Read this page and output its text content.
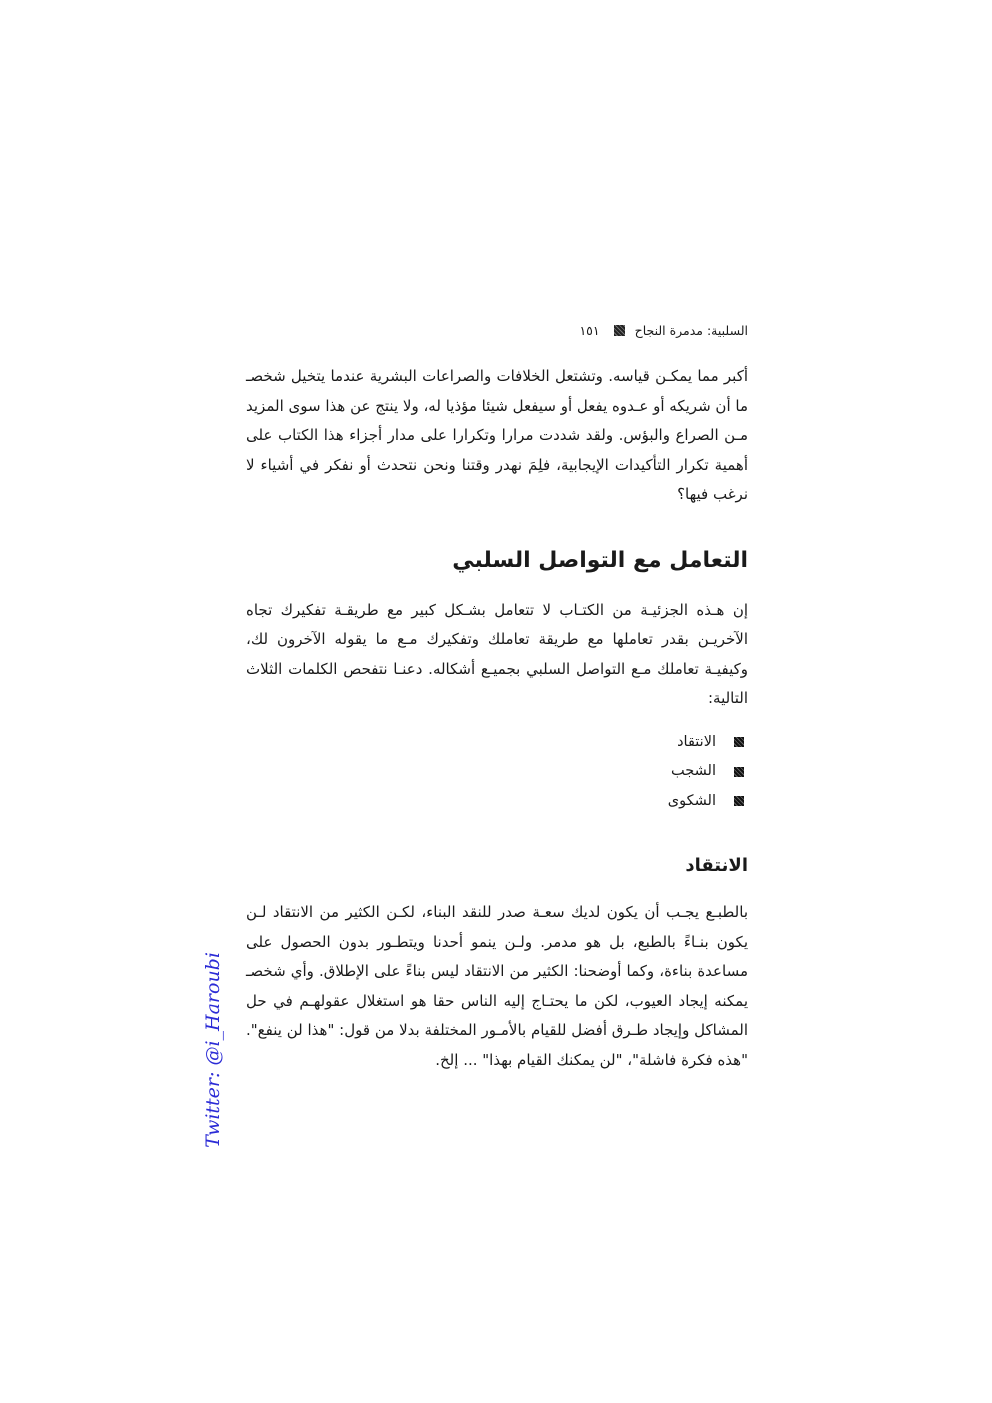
السلبية: مدمرة النجاح
١٥١

أكبر مما يمكـن قياسه. وتشتعل الخلافات والصراعات البشرية عندما يتخيل شخصـ ما أن شريكه أو عـدوه يفعل أو سيفعل شيئا مؤذيا له، ولا ينتج عن هذا سوى المزيد مـن الصراع والبؤس. ولقد شددت مرارا وتكرارا على مدار أجزاء هذا الكتاب على أهمية تكرار التأكيدات الإيجابية، فلِمَ نهدر وقتنا ونحن نتحدث أو نفكر في أشياء لا نرغب فيها؟

التعامل مع التواصل السلبي

إن هـذه الجزئيـة من الكتـاب لا تتعامل بشـكل كبير مع طريقـة تفكيرك تجاه الآخريـن بقدر تعاملها مع طريقة تعاملك وتفكيرك مـع ما يقوله الآخرون لك، وكيفيـة تعاملك مـع التواصل السلبي بجميـع أشكاله. دعنـا نتفحص الكلمات الثلاث التالية:

الانتقاد
الشجب
الشكوى
الانتقاد

بالطبـع يجـب أن يكون لديك سعـة صدر للنقد البناء، لكـن الكثير من الانتقاد لـن يكون بنـاءً بالطبع، بل هو مدمر. ولـن ينمو أحدنا ويتطـور بدون الحصول على مساعدة بناءة، وكما أوضحنا: الكثير من الانتقاد ليس بناءً على الإطلاق. وأي شخصـ يمكنه إيجاد العيوب، لكن ما يحتـاج إليه الناس حقا هو استغلال عقولهـم في حل المشاكل وإيجاد طـرق أفضل للقيام بالأمـور المختلفة بدلا من قول: "هذا لن ينفع". "هذه فكرة فاشلة"، "لن يمكنك القيام بهذا" ... إلخ.

Twitter: @i_Haroubi
